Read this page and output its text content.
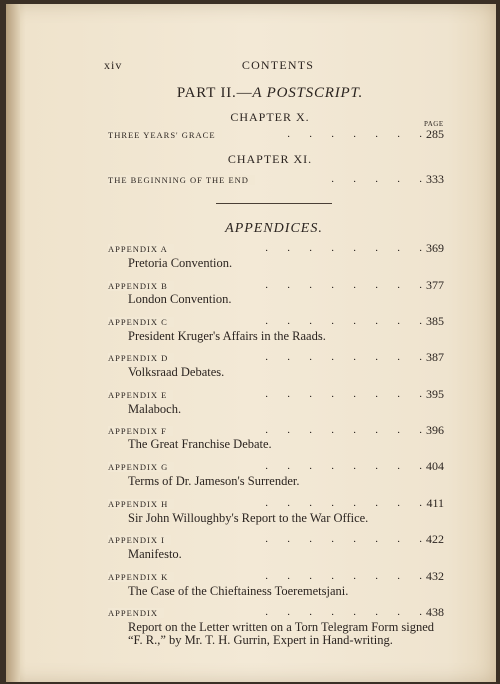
xiv	CONTENTS
PART II.—A POSTSCRIPT.
CHAPTER X.	PAGE
.       .       .       .       .       .       .
THREE YEARS' GRACE	285
CHAPTER XI.
.       .       .       .       .
THE BEGINNING OF THE END	333
APPENDICES.
.       .       .       .       .       .       .       .
APPENDIX A	369
Pretoria Convention.
.       .       .       .       .       .       .       .
APPENDIX B	377
London Convention.
.       .       .       .       .       .       .       .
APPENDIX C	385
President Kruger's Affairs in the Raads.
.       .       .       .       .       .       .       .
APPENDIX D	387
Volksraad Debates.
.       .       .       .       .       .       .       .
APPENDIX E	395
Malaboch.
.       .       .       .       .       .       .       .
APPENDIX F	396
The Great Franchise Debate.
.       .       .       .       .       .       .       .
APPENDIX G	404
Terms of Dr. Jameson's Surrender.
.       .       .       .       .       .       .       .
APPENDIX H	411
Sir John Willoughby's Report to the War Office.
.       .       .       .       .       .       .       .
APPENDIX I	422
Manifesto.
.       .       .       .       .       .       .       .
APPENDIX K	432
The Case of the Chieftainess Toeremetsjani.
.       .       .       .       .       .       .       .
APPENDIX	438
Report on the Letter written on a Torn Telegram Form signed “F. R.,” by Mr. T. H. Gurrin, Expert in Hand-writing.
